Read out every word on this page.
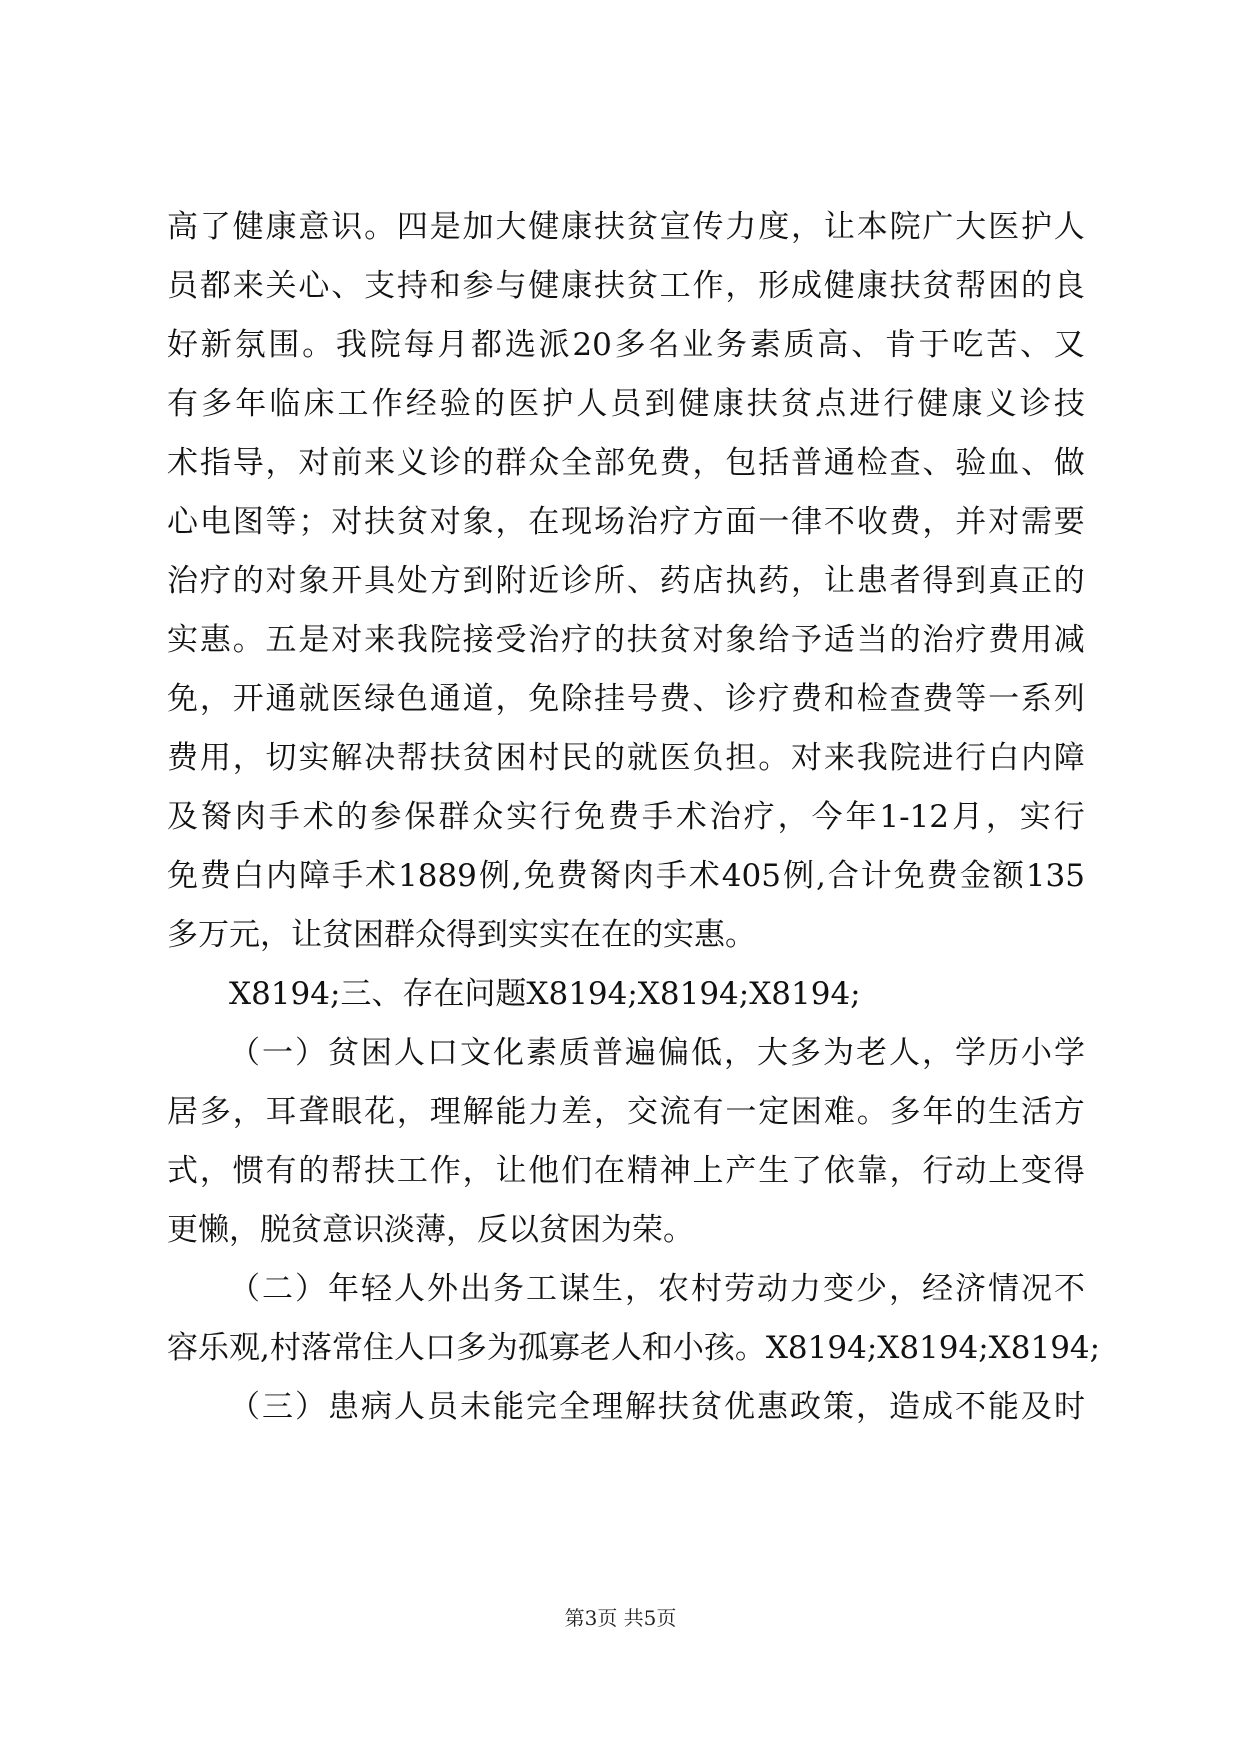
高 了 健 康 意 识 。 四 是 加 大 健 康 扶 贫 宣 传 力 度 ， 让 本 院 广 大 医 护 人
员 都 来 关 心 、 支 持 和 参 与 健 康 扶 贫 工 作 ， 形 成 健 康 扶 贫 帮 困 的 良
好 新 氛 围 。 我 院 每 月 都 选 派 20 多 名 业 务 素 质 高 、 肯 于 吃 苦 、 又
有 多 年 临 床 工 作 经 验 的 医 护 人 员 到 健 康 扶 贫 点 进 行 健 康 义 诊 技
术 指 导 ， 对 前 来 义 诊 的 群 众 全 部 免 费 ， 包 括 普 通 检 查 、 验 血 、 做
心 电 图 等 ； 对 扶 贫 对 象 ， 在 现 场 治 疗 方 面 一 律 不 收 费 ， 并 对 需 要
治 疗 的 对 象 开 具 处 方 到 附 近 诊 所 、 药 店 执 药 ， 让 患 者 得 到 真 正 的
实 惠 。 五 是 对 来 我 院 接 受 治 疗 的 扶 贫 对 象 给 予 适 当 的 治 疗 费 用 减
免 ， 开 通 就 医 绿 色 通 道 ， 免 除 挂 号 费 、 诊 疗 费 和 检 查 费 等 一 系 列
费 用 ， 切 实 解 决 帮 扶 贫 困 村 民 的 就 医 负 担 。 对 来 我 院 进 行 白 内 障
及 胬 肉 手 术 的 参 保 群 众 实 行 免 费 手 术 治 疗 ， 今 年 1-12 月 ， 实 行
免 费 白 内 障 手 术 1889 例 , 免 费 胬 肉 手 术 405 例 , 合 计 免 费 金 额 135
多万元，让贫困群众得到实实在在的实惠。
X8194;三、存在问题X8194;X8194;X8194;
（ 一 ） 贫 困 人 口 文 化 素 质 普 遍 偏 低 ， 大 多 为 老 人 ， 学 历 小 学
居 多 ， 耳 聋 眼 花 ， 理 解 能 力 差 ， 交 流 有 一 定 困 难 。 多 年 的 生 活 方
式 ， 惯 有 的 帮 扶 工 作 ， 让 他 们 在 精 神 上 产 生 了 依 靠 ， 行 动 上 变 得
更懒，脱贫意识淡薄，反以贫困为荣。
（ 二 ） 年 轻 人 外 出 务 工 谋 生 ， 农 村 劳 动 力 变 少 ， 经 济 情 况 不
容 乐 观 , 村 落 常 住 人 口 多 为 孤 寡 老 人 和 小 孩 。 X8194;X8194;X8194;
（ 三 ） 患 病 人 员 未 能 完 全 理 解 扶 贫 优 惠 政 策 ， 造 成 不 能 及 时
第3页 共5页
